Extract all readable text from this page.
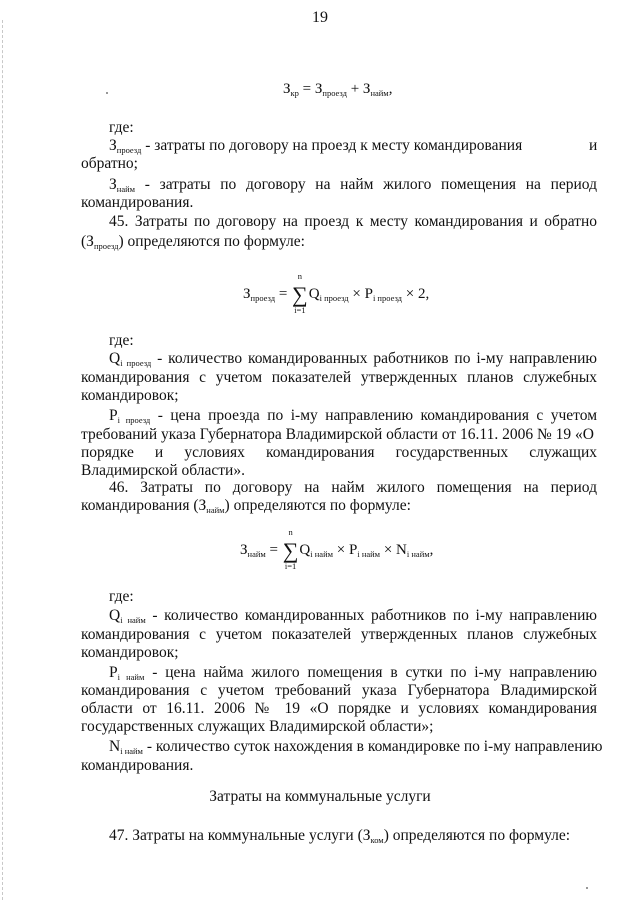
19
$З_{кр} = З_{проезд} + З_{найм}$,
где:
$З_{проезд}$ - затраты по договору на проезд к месту командирования	и
обратно;
$З_{найм}$ - затраты по договору на найм жилого помещения на период
командирования.
45. Затраты по договору на проезд к месту командирования и обратно
$(З_{проезд})$ определяются по формуле:
$З_{проезд}$ =
n
∑
i=1
$Q_{i проезд} \times P_{i проезд} \times 2$,
где:
$Q_{i проезд}$ - количество командированных работников по i-му направлению
командирования с учетом показателей утвержденных планов служебных
командировок;
$P_{i проезд}$ - цена проезда по i-му направлению командирования с учетом
требований указа Губернатора Владимирской области от 16.11. 2006 № 19 «О
порядке и условиях командирования государственных служащих
Владимирской области».
46. Затраты по договору на найм жилого помещения на период
командирования $(З_{найм})$ определяются по формуле:
$З_{найм}$ =
n
∑
i=1
$Q_{i найм} \times P_{i найм} \times N_{i найм}$,
где:
$Q_{i найм}$ - количество командированных работников по i-му направлению
командирования с учетом показателей утвержденных планов служебных
командировок;
$P_{i найм}$ - цена найма жилого помещения в сутки по i-му направлению
командирования с учетом требований указа Губернатора Владимирской
области от 16.11. 2006 № 19 «О порядке и условиях командирования
государственных служащих Владимирской области»;
$N_{i найм}$ - количество суток нахождения в командировке по i-му направлению
командирования.
Затраты на коммунальные услуги
47. Затраты на коммунальные услуги $(З_{ком})$ определяются по формуле:
